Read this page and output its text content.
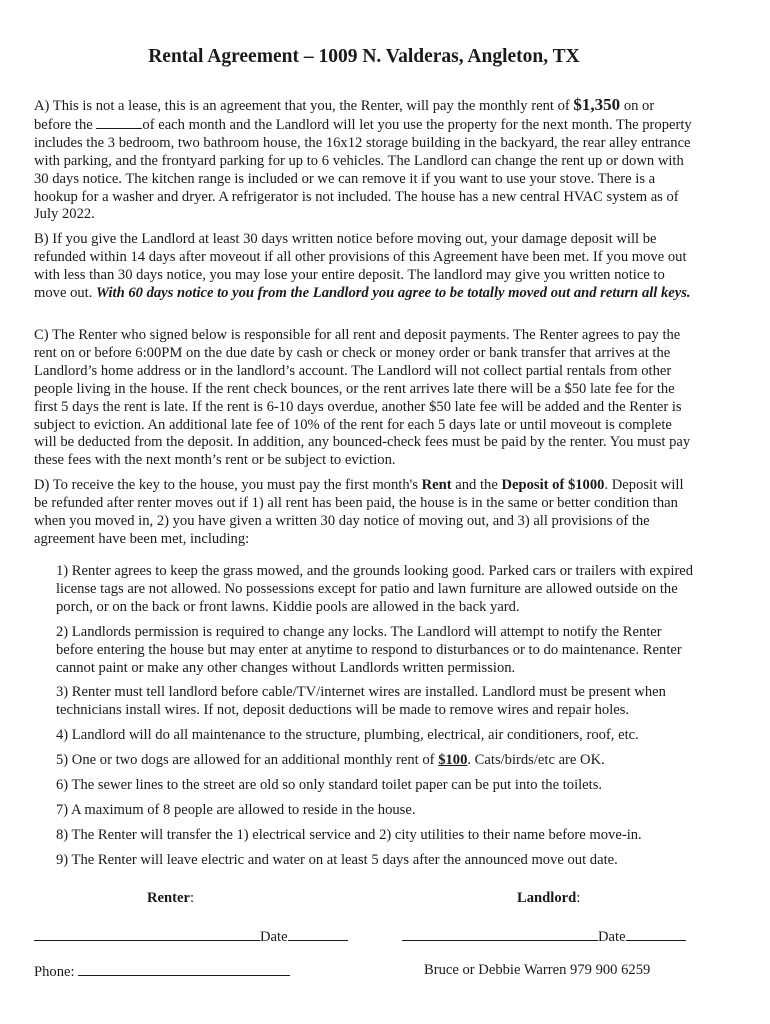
Rental Agreement – 1009 N. Valderas, Angleton, TX

A) This is not a lease, this is an agreement that you, the Renter, will pay the monthly rent of $1,350 on or before the	of each month and the Landlord will let you use the property for the next month. The property includes the 3 bedroom, two bathroom house, the 16x12 storage building in the backyard, the rear alley entrance with parking, and the frontyard parking for up to 6 vehicles. The Landlord can change the rent up or down with 30 days notice. The kitchen range is included or we can remove it if you want to use your stove. There is a hookup for a washer and dryer. A refrigerator is not included. The house has a new central HVAC system as of July 2022.

B) If you give the Landlord at least 30 days written notice before moving out, your damage deposit will be refunded within 14 days after moveout if all other provisions of this Agreement have been met. If you move out with less than 30 days notice, you may lose your entire deposit. The landlord may give you written notice to move out. With 60 days notice to you from the Landlord you agree to be totally moved out and return all keys.

C) The Renter who signed below is responsible for all rent and deposit payments. The Renter agrees to pay the rent on or before 6:00PM on the due date by cash or check or money order or bank transfer that arrives at the Landlord’s home address or in the landlord’s account. The Landlord will not collect partial rentals from other people living in the house. If the rent check bounces, or the rent arrives late there will be a $50 late fee for the first 5 days the rent is late. If the rent is 6-10 days overdue, another $50 late fee will be added and the Renter is subject to eviction. An additional late fee of 10% of the rent for each 5 days late or until moveout is complete will be deducted from the deposit. In addition, any bounced-check fees must be paid by the renter. You must pay these fees with the next month’s rent or be subject to eviction.

D) To receive the key to the house, you must pay the first month's Rent and the Deposit of $1000. Deposit will be refunded after renter moves out if 1) all rent has been paid, the house is in the same or better condition than when you moved in, 2) you have given a written 30 day notice of moving out, and 3) all provisions of the agreement have been met, including:

1) Renter agrees to keep the grass mowed, and the grounds looking good. Parked cars or trailers with expired license tags are not allowed. No possessions except for patio and lawn furniture are allowed outside on the porch, or on the back or front lawns. Kiddie pools are allowed in the back yard.

2) Landlords permission is required to change any locks. The Landlord will attempt to notify the Renter before entering the house but may enter at anytime to respond to disturbances or to do maintenance. Renter cannot paint or make any other changes without Landlords written permission.

3) Renter must tell landlord before cable/TV/internet wires are installed. Landlord must be present when technicians install wires. If not, deposit deductions will be made to remove wires and repair holes.

4) Landlord will do all maintenance to the structure, plumbing, electrical, air conditioners, roof, etc.

5) One or two dogs are allowed for an additional monthly rent of $100. Cats/birds/etc are OK.

6) The sewer lines to the street are old so only standard toilet paper can be put into the toilets.

7) A maximum of 8 people are allowed to reside in the house.

8) The Renter will transfer the 1) electrical service and 2) city utilities to their name before move-in.

9) The Renter will leave electric and water on at least 5 days after the announced move out date.

Renter:	Landlord:
Date	Date
Phone:	Bruce or Debbie Warren 979 900 6259
